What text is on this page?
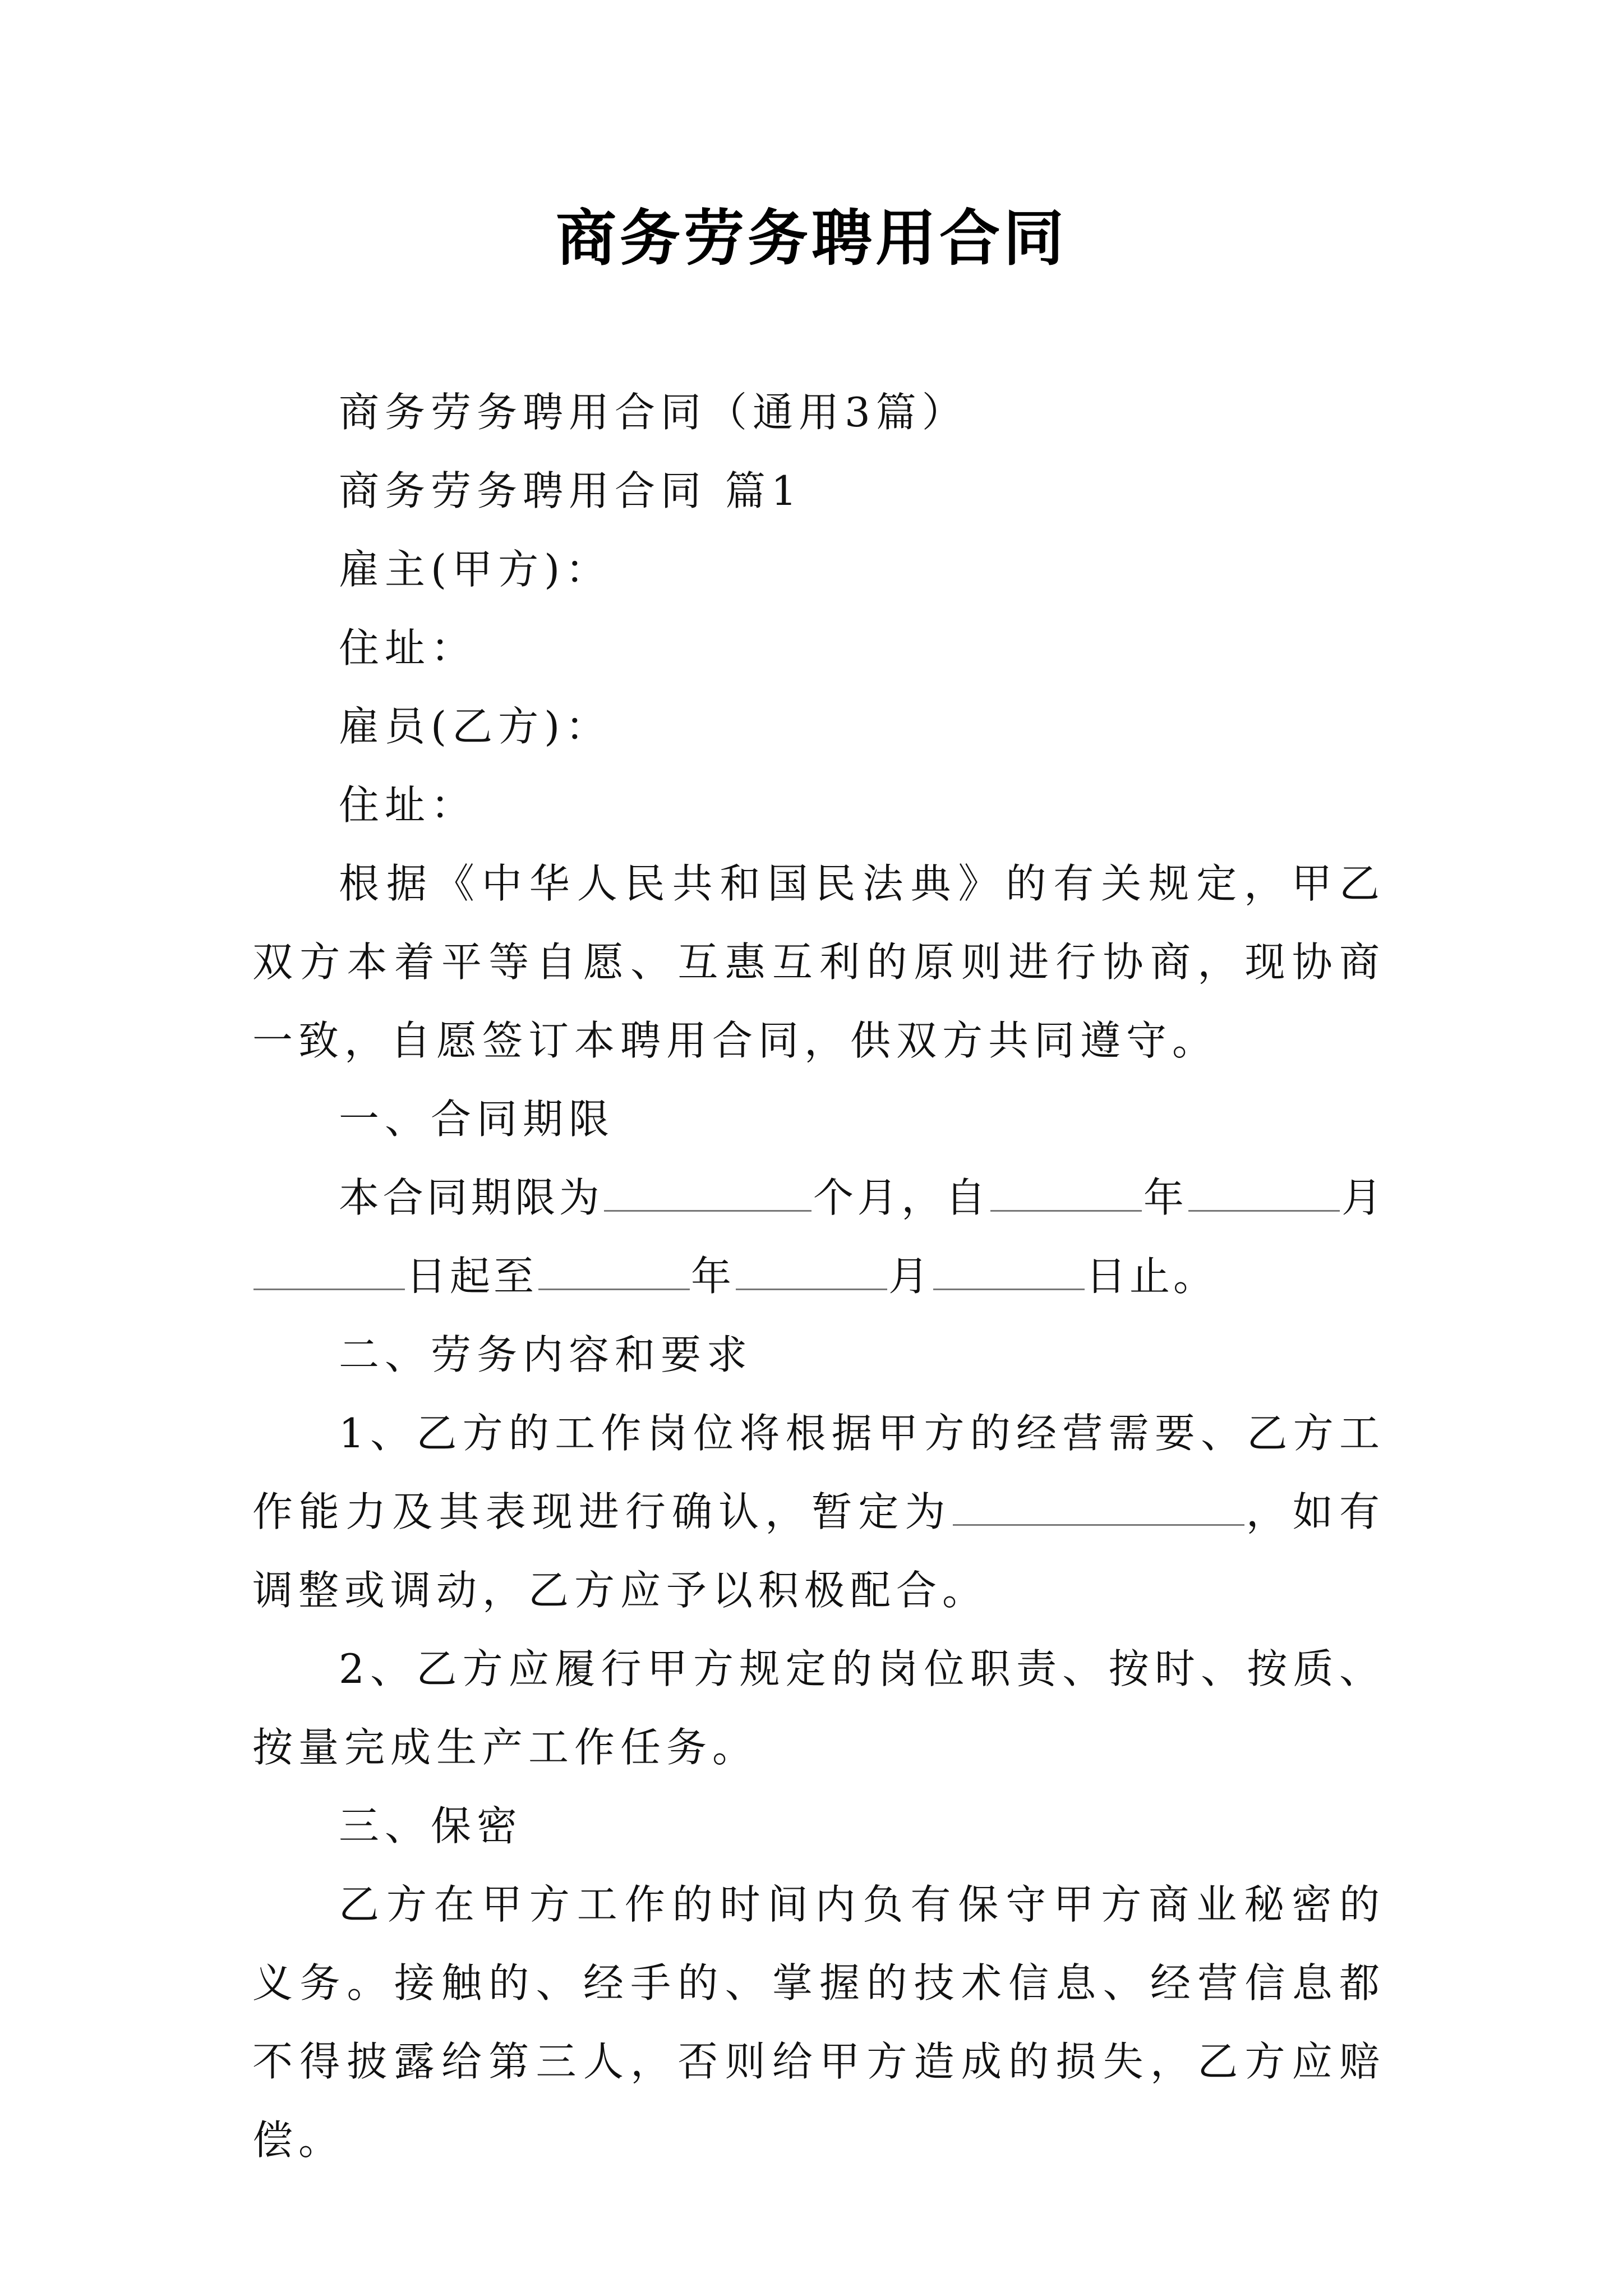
商务劳务聘用合同

商务劳务聘用合同（通用3篇）

商务劳务聘用合同 篇1

雇主(甲方)：

住址：

雇员(乙方)：

住址：

根据《中华人民共和国民法典》的有关规定，甲乙双方本着平等自愿、互惠互利的原则进行协商，现协商一致，自愿签订本聘用合同，供双方共同遵守。

一、合同期限

本合同期限为	个月，自	年	月日起至	年	月	日止。

二、劳务内容和要求

1、乙方的工作岗位将根据甲方的经营需要、乙方工作能力及其表现进行确认，暂定为	，如有调整或调动，乙方应予以积极配合。

2、乙方应履行甲方规定的岗位职责、按时、按质、按量完成生产工作任务。

三、保密

乙方在甲方工作的时间内负有保守甲方商业秘密的义务。接触的、经手的、掌握的技术信息、经营信息都不得披露给第三人，否则给甲方造成的损失，乙方应赔偿。
